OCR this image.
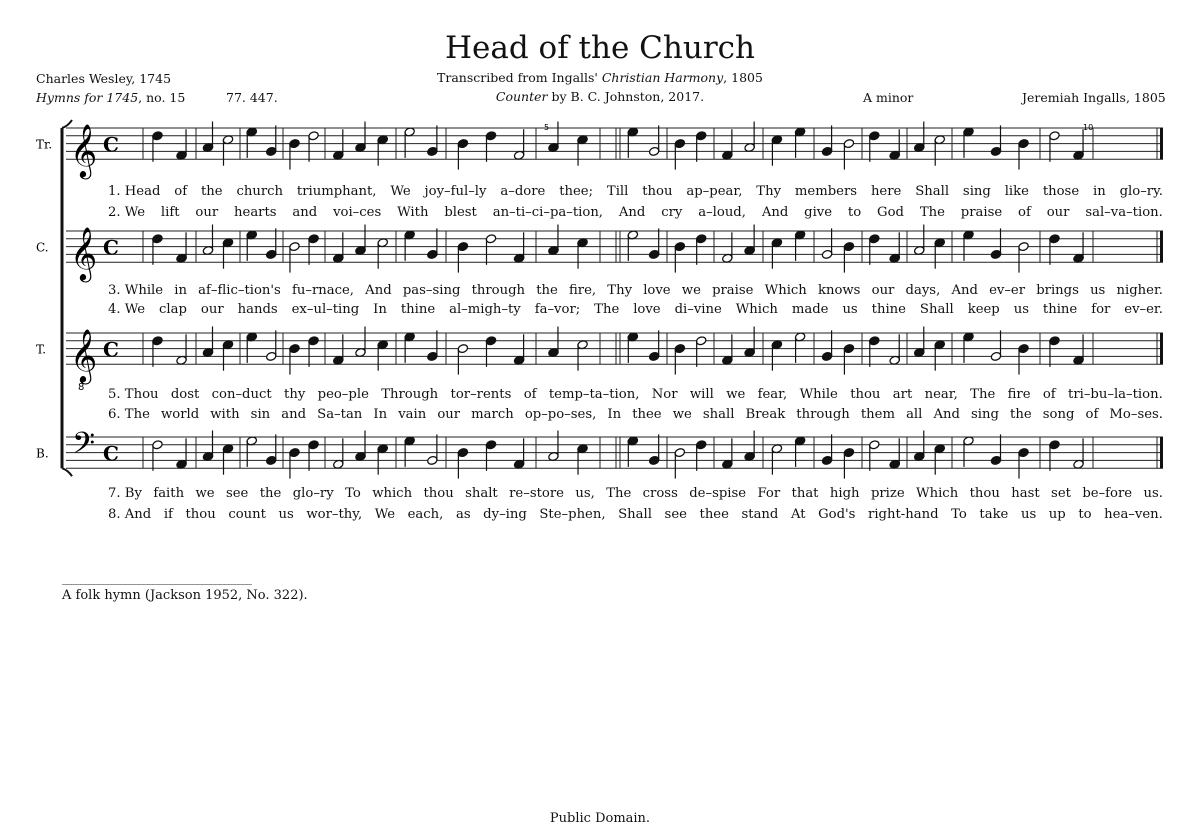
Head of the Church
Transcribed from Ingalls' Christian Harmony, 1805
Counter by B. C. Johnston, 2017.
Charles Wesley, 1745
Hymns for 1745, no. 15	77. 447.	A minor	Jeremiah Ingalls, 1805
Tr. 𝄞 C
C. 𝄞 C
T. 𝄞
8
C
B. 𝄢 C
5	10
1. Head of the church triumphant, We joy–ful–ly a–dore thee; Till thou ap–pear, Thy members here Shall sing like those in glo–ry.
2. We lift our hearts and voi–ces With blest an–ti–ci–pa–tion, And cry a–loud, And give to God The praise of our sal–va–tion.
3. While in af–flic–tion's fu–rnace, And pas–sing through the fire, Thy love we praise Which knows our days, And ev–er brings us nigher.
4. We clap our hands ex–ul–ting In thine al–migh–ty fa–vor; The love di–vine Which made us thine Shall keep us thine for ev–er.
5. Thou dost con–duct thy peo–ple Through tor–rents of temp–ta–tion, Nor will we fear, While thou art near, The fire of tri–bu–la–tion.
6. The world with sin and Sa–tan In vain our march op–po–ses, In thee we shall Break through them all And sing the song of Mo–ses.
7. By faith we see the glo–ry To which thou shalt re–store us, The cross de–spise For that high prize Which thou hast set be–fore us.
8. And if thou count us wor–thy, We each, as dy–ing Ste–phen, Shall see thee stand At God's right-hand To take us up to hea–ven.
__________________________________________
A folk hymn (Jackson 1952, No. 322).
Public Domain.
